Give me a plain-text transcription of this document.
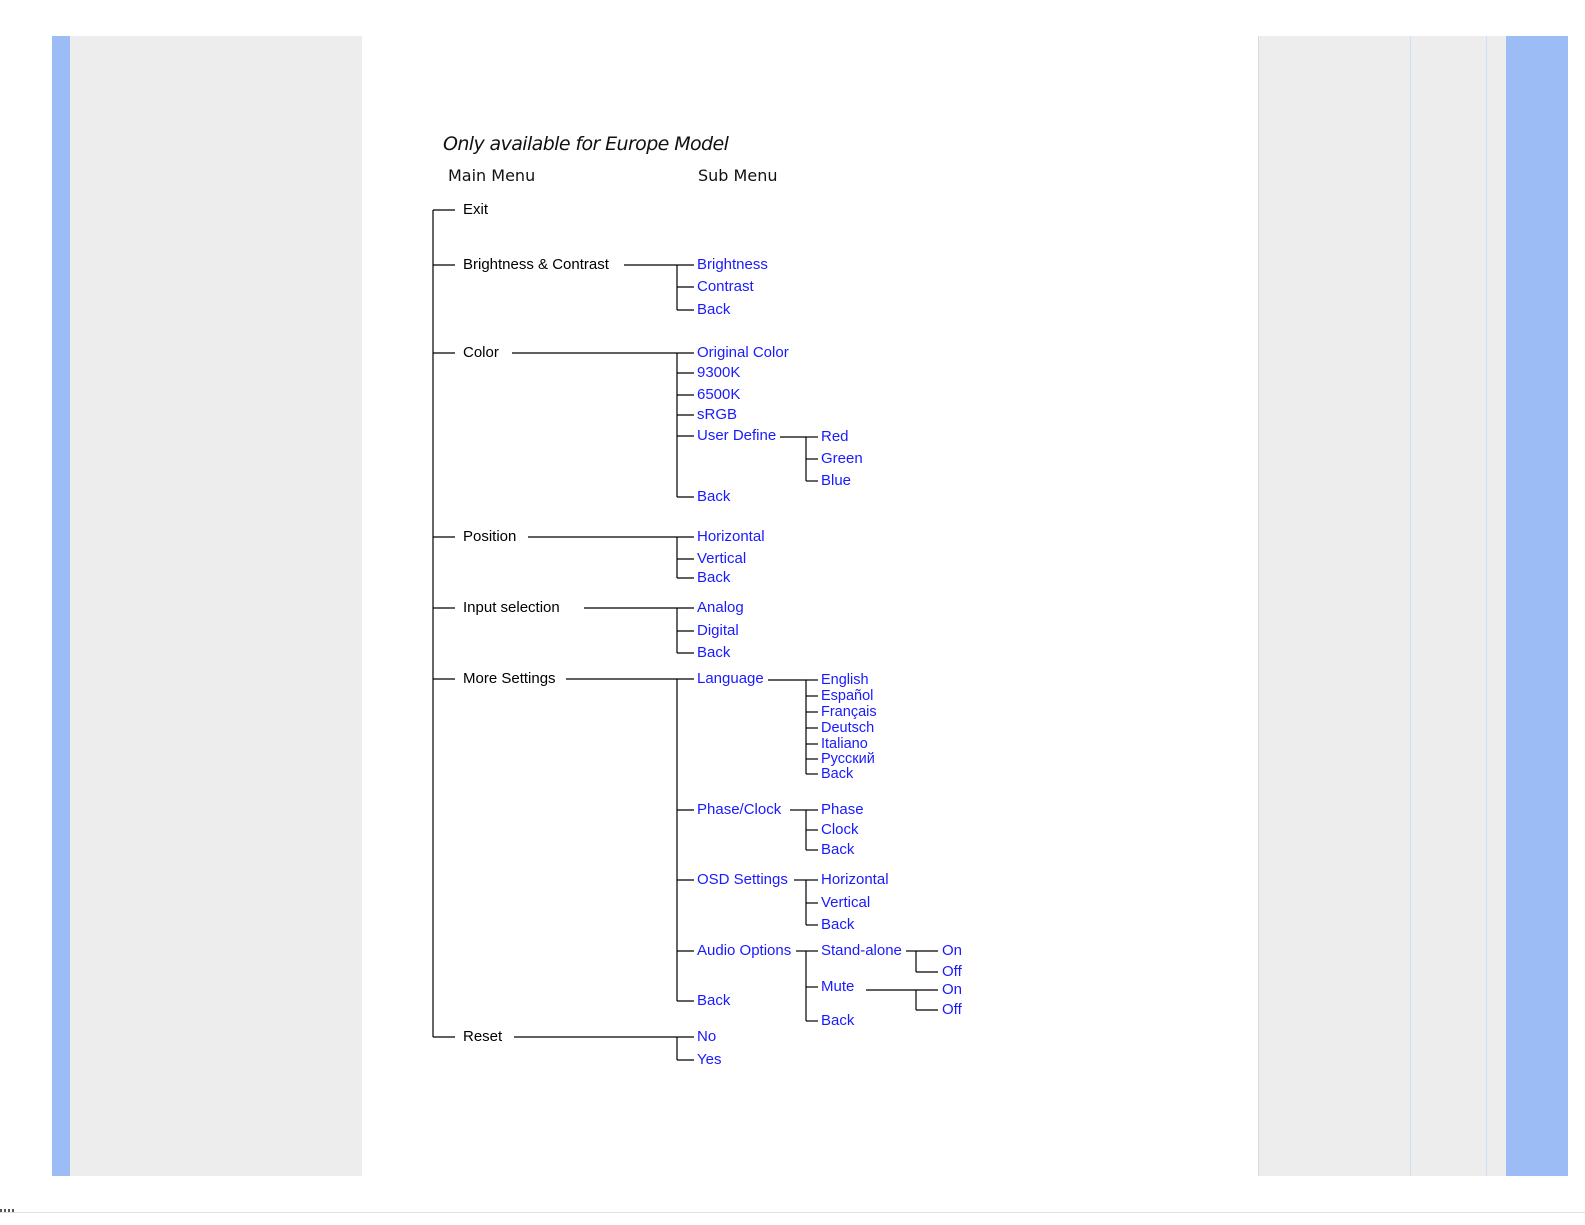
Only available for Europe Model
Main Menu	Sub Menu
Exit
Brightness & Contrast
Color
Position
Input selection
More Settings
Reset
Brightness
Contrast
Back
Original Color
9300K
6500K
sRGB
User Define
Back
Horizontal
Vertical
Back
Analog
Digital
Back
Language
Phase/Clock
OSD Settings
Audio Options
Back
No
Yes
Red
Green
Blue
English
Español
Français
Deutsch
Italiano
Русский
Back
Phase
Clock
Back
Horizontal
Vertical
Back
Stand-alone
Mute
Back
On
Off
On
Off
